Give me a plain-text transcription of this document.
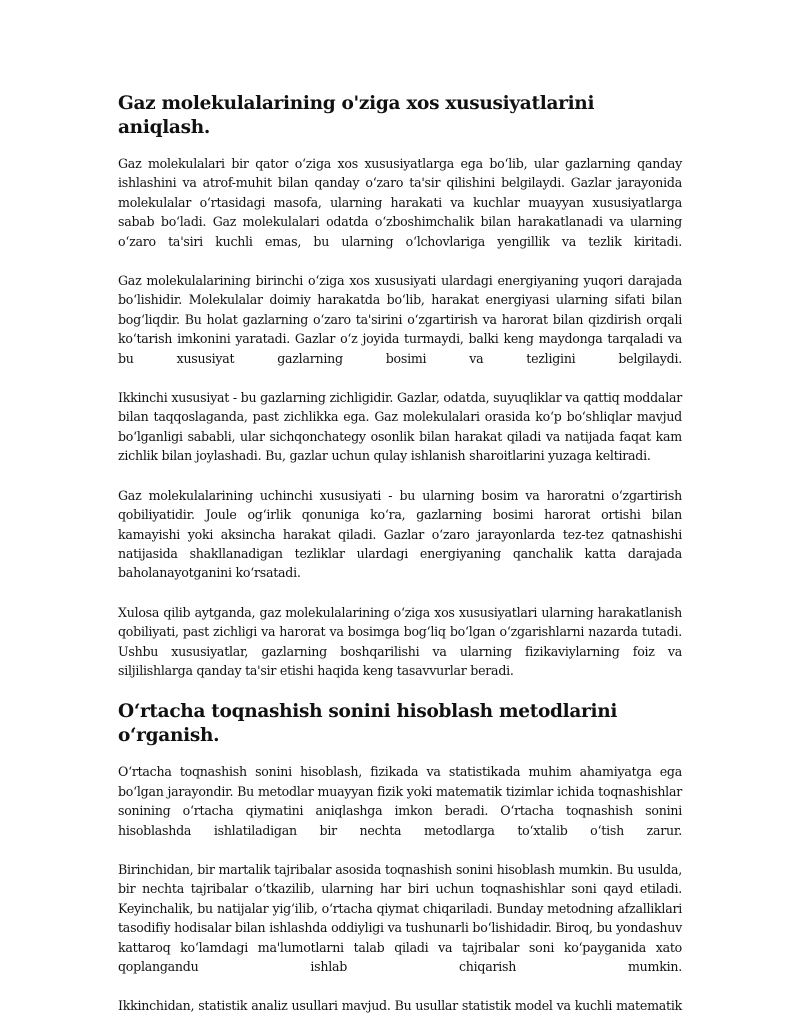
Gaz molekulalarining o'ziga xos xususiyatlarini aniqlash.

Gaz molekulalari bir qator o‘ziga xos xususiyatlarga ega bo‘lib, ular gazlarning qanday ishlashini va atrof-muhit bilan qanday o‘zaro ta'sir qilishini belgilaydi. Gazlar jarayonida molekulalar o‘rtasidagi masofa, ularning harakati va kuchlar muayyan xususiyatlarga sabab bo‘ladi. Gaz molekulalari odatda o‘zboshimchalik bilan harakatlanadi va ularning o‘zaro ta'siri kuchli emas, bu ularning o‘lchovlariga yengillik va tezlik kiritadi.

Gaz molekulalarining birinchi o‘ziga xos xususiyati ulardagi energiyaning yuqori darajada bo‘lishidir. Molekulalar doimiy harakatda bo‘lib, harakat energiyasi ularning sifati bilan bog‘liqdir. Bu holat gazlarning o‘zaro ta'sirini o‘zgartirish va harorat bilan qizdirish orqali ko‘tarish imkonini yaratadi. Gazlar o‘z joyida turmaydi, balki keng maydonga tarqaladi va bu xususiyat gazlarning bosimi va tezligini belgilaydi.

Ikkinchi xususiyat - bu gazlarning zichligidir. Gazlar, odatda, suyuqliklar va qattiq moddalar bilan taqqoslaganda, past zichlikka ega. Gaz molekulalari orasida ko‘p bo‘shliqlar mavjud bo‘lganligi sababli, ular sichqonchategy osonlik bilan harakat qiladi va natijada faqat kam zichlik bilan joylashadi. Bu, gazlar uchun qulay ishlanish sharoitlarini yuzaga keltiradi.

Gaz molekulalarining uchinchi xususiyati - bu ularning bosim va haroratni o‘zgartirish qobiliyatidir. Joule og‘irlik qonuniga ko‘ra, gazlarning bosimi harorat ortishi bilan kamayishi yoki aksincha harakat qiladi. Gazlar o‘zaro jarayonlarda tez-tez qatnashishi natijasida shakllanadigan tezliklar ulardagi energiyaning qanchalik katta darajada baholanayotganini ko‘rsatadi.

Xulosa qilib aytganda, gaz molekulalarining o‘ziga xos xususiyatlari ularning harakatlanish qobiliyati, past zichligi va harorat va bosimga bog‘liq bo‘lgan o‘zgarishlarni nazarda tutadi. Ushbu xususiyatlar, gazlarning boshqarilishi va ularning fizikaviylarning foiz va siljilishlarga qanday ta'sir etishi haqida keng tasavvurlar beradi.

O‘rtacha toqnashish sonini hisoblash metodlarini o‘rganish.

O‘rtacha toqnashish sonini hisoblash, fizikada va statistikada muhim ahamiyatga ega bo‘lgan jarayondir. Bu metodlar muayyan fizik yoki matematik tizimlar ichida toqnashishlar sonining o‘rtacha qiymatini aniqlashga imkon beradi. O‘rtacha toqnashish sonini hisoblashda ishlatiladigan bir nechta metodlarga to‘xtalib o‘tish zarur.

Birinchidan, bir martalik tajribalar asosida toqnashish sonini hisoblash mumkin. Bu usulda, bir nechta tajribalar o‘tkazilib, ularning har biri uchun toqnashishlar soni qayd etiladi. Keyinchalik, bu natijalar yig‘ilib, o‘rtacha qiymat chiqariladi. Bunday metodning afzalliklari tasodifiy hodisalar bilan ishlashda oddiyligi va tushunarli bo‘lishidadir. Biroq, bu yondashuv kattaroq ko‘lamdagi ma'lumotlarni talab qiladi va tajribalar soni ko‘payganida xato qoplangandu ishlab chiqarish mumkin.

Ikkinchidan, statistik analiz usullari mavjud. Bu usullar statistik model va kuchli matematik
